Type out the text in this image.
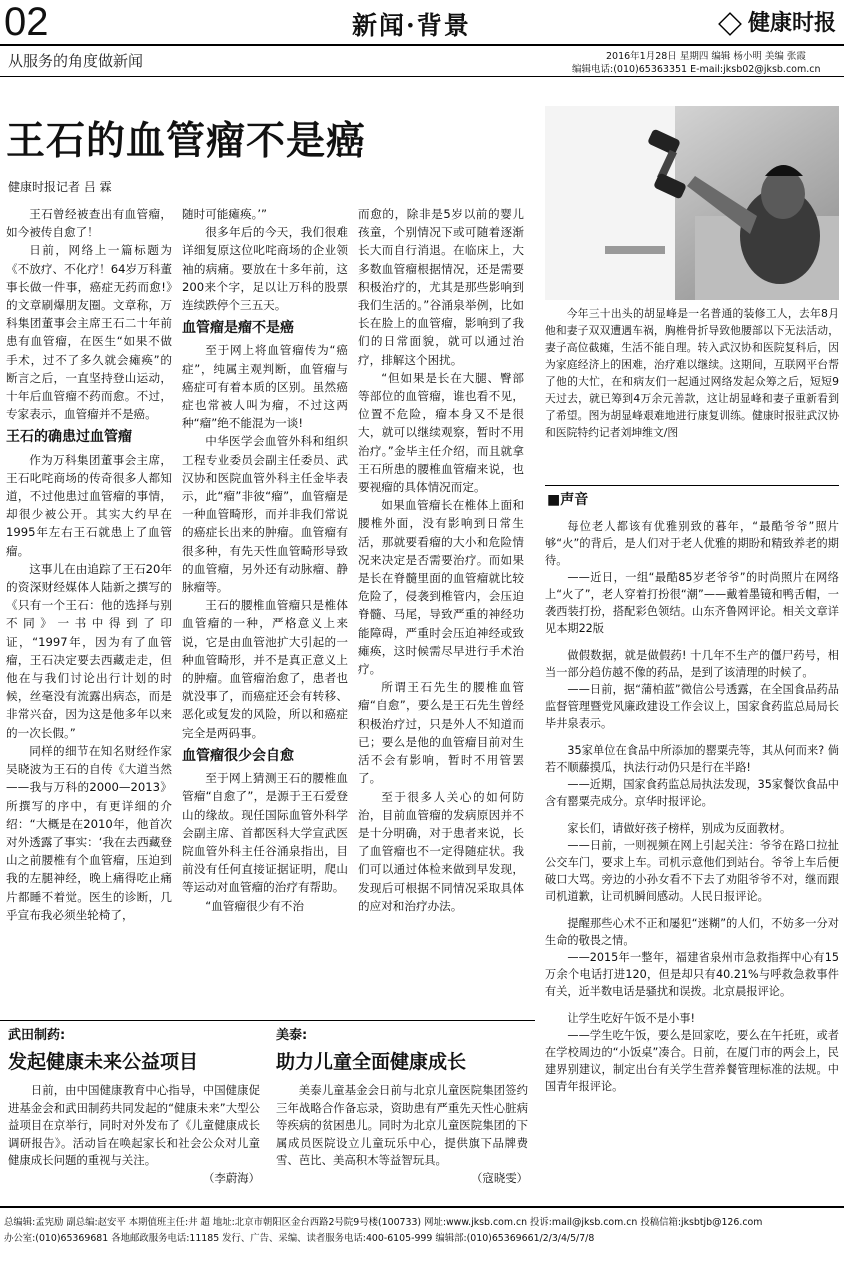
02	新闻·背景	健康时报
从服务的角度做新闻	2016年1月28日 星期四 编辑 杨小明 美编 张霞
编辑电话:(010)65363351 E-mail:jksb02@jksb.com.cn
王石的血管瘤不是癌
健康时报记者 吕 霖

王石曾经被查出有血管瘤，如今被传自愈了！

日前，网络上一篇标题为《不放疗、不化疗！64岁万科董事长做一件事，癌症无药而愈!》的文章刷爆朋友圈。文章称，万科集团董事会主席王石二十年前患有血管瘤，在医生“如果不做手术，过不了多久就会瘫痪”的断言之后，一直坚持登山运动，十年后血管瘤不药而愈。不过，专家表示，血管瘤并不是癌。

王石的确患过血管瘤

作为万科集团董事会主席，王石叱咤商场的传奇很多人都知道，不过他患过血管瘤的事情，却很少被公开。其实大约早在1995年左右王石就患上了血管瘤。

这事儿在由追踪了王石20年的资深财经媒体人陆新之撰写的《只有一个王石：他的选择与别不同》一书中得到了印证，“1997年，因为有了血管瘤，王石决定要去西藏走走，但他在与我们讨论出行计划的时候，丝毫没有流露出病态，而是非常兴奋，因为这是他多年以来的一次长假。”

同样的细节在知名财经作家吴晓波为王石的自传《大道当然——我与万科的2000—2013》所撰写的序中，有更详细的介绍：“大概是在2010年，他首次对外透露了事实：‘我在去西藏登山之前腰椎有个血管瘤，压迫到我的左腿神经，晚上痛得吃止痛片都睡不着觉。医生的诊断，几乎宣布我必须坐轮椅了，

随时可能瘫痪。’”

很多年后的今天，我们很难详细复原这位叱咤商场的企业领袖的病痛。要放在十多年前，这200来个字，足以让万科的股票连续跌停个三五天。

血管瘤是瘤不是癌

至于网上将血管瘤传为“癌症”，纯属主观判断，血管瘤与癌症可有着本质的区别。虽然癌症也常被人叫为瘤，不过这两种“瘤”绝不能混为一谈!

中华医学会血管外科和组织工程专业委员会副主任委员、武汉协和医院血管外科主任金毕表示，此“瘤”非彼“瘤”，血管瘤是一种血管畸形，而并非我们常说的癌症长出来的肿瘤。血管瘤有很多种，有先天性血管畸形导致的血管瘤，另外还有动脉瘤、静脉瘤等。

王石的腰椎血管瘤只是椎体血管瘤的一种，严格意义上来说，它是由血管池扩大引起的一种血管畸形，并不是真正意义上的肿瘤。血管瘤治愈了，患者也就没事了，而癌症还会有转移、恶化或复发的风险，所以和癌症完全是两码事。

血管瘤很少会自愈

至于网上猜测王石的腰椎血管瘤“自愈了”，是源于王石爱登山的缘故。现任国际血管外科学会副主席、首都医科大学宣武医院血管外科主任谷涌泉指出，目前没有任何直接证据证明，爬山等运动对血管瘤的治疗有帮助。

“血管瘤很少有不治

而愈的，除非是5岁以前的婴儿孩童，个别情况下或可随着逐渐长大而自行消退。在临床上，大多数血管瘤根据情况，还是需要积极治疗的，尤其是那些影响到我们生活的。”谷涌泉举例，比如长在脸上的血管瘤，影响到了我们的日常面貌，就可以通过治疗，排解这个困扰。

“但如果是长在大腿、臀部等部位的血管瘤，谁也看不见，位置不危险，瘤本身又不是很大，就可以继续观察，暂时不用治疗。”金毕主任介绍，而且就拿王石所患的腰椎血管瘤来说，也要视瘤的具体情况而定。

如果血管瘤长在椎体上面和腰椎外面，没有影响到日常生活，那就要看瘤的大小和危险情况来决定是否需要治疗。而如果是长在脊髓里面的血管瘤就比较危险了，侵袭到椎管内，会压迫脊髓、马尾，导致严重的神经功能障碍，严重时会压迫神经或致瘫痪，这时候需尽早进行手术治疗。

所谓王石先生的腰椎血管瘤“自愈”，要么是王石先生曾经积极治疗过，只是外人不知道而已；要么是他的血管瘤目前对生活不会有影响，暂时不用管罢了。

至于很多人关心的如何防治，目前血管瘤的发病原因并不是十分明确，对于患者来说，长了血管瘤也不一定得随症状。我们可以通过体检来做到早发现，发现后可根据不同情况采取具体的应对和治疗办法。

今年三十出头的胡显峰是一名普通的装修工人，去年8月他和妻子双双遭遇车祸，胸椎骨折导致他腰部以下无法活动，妻子高位截瘫，生活不能自理。转入武汉协和医院复科后，因为家庭经济上的困难，治疗难以继续。这期间，互联网平台帮了他的大忙，在和病友们一起通过网络发起众筹之后，短短9天过去，就已筹到4万余元善款，这让胡显峰和妻子重新看到了希望。图为胡显峰艰难地进行康复训练。健康时报驻武汉协和医院特约记者刘坤维文/图
■声音

每位老人都该有优雅别致的暮年，“最酷爷爷”照片够“火”的背后，是人们对于老人优雅的期盼和精致养老的期待。

——近日，一组“最酷85岁老爷爷”的时尚照片在网络上“火了”，老人穿着打扮很“潮”——戴着墨镜和鸭舌帽，一袭西装打扮，搭配彩色领结。山东齐鲁网评论。相关文章详见本期22版

做假数据，就是做假药! 十几年不生产的僵尸药号，相当一部分趋仿越不像的药品，是到了该清理的时候了。

——日前，据“蒲柏蓝”微信公号透露，在全国食品药品监督管理暨党风廉政建设工作会议上，国家食药监总局局长毕井泉表示。

35家单位在食品中所添加的罂粟壳等，其从何而来? 倘若不顺藤摸瓜，执法行动仍只是行在半路!

——近期，国家食药监总局执法发现，35家餐饮食品中含有罂粟壳成分。京华时报评论。

家长们，请做好孩子榜样，别成为反面教材。

——日前，一则视频在网上引起关注：爷爷在路口拉扯公交车门，要求上车。司机示意他们到站台。爷爷上车后便破口大骂。旁边的小孙女看不下去了劝阻爷爷不对，继而跟司机道歉，让司机瞬间感动。人民日报评论。

提醒那些心术不正和屡犯“迷糊”的人们，不妨多一分对生命的敬畏之情。

——2015年一整年，福建省泉州市急救指挥中心有15万余个电话打进120，但是却只有40.21%与呼救急救事件有关，近半数电话是骚扰和误拨。北京晨报评论。

让学生吃好午饭不是小事!

——学生吃午饭，要么是回家吃，要么在午托班，或者在学校周边的“小饭桌”凑合。日前，在厦门市的两会上，民建界别建议，制定出台有关学生营养餐管理标准的法规。中国青年报评论。

武田制药:
发起健康未来公益项目

日前，由中国健康教育中心指导，中国健康促进基金会和武田制药共同发起的“健康未来”大型公益项目在京举行，同时对外发布了《儿童健康成长调研报告》。活动旨在唤起家长和社会公众对儿童健康成长问题的重视与关注。

（李蔚海）
美泰:
助力儿童全面健康成长

美泰儿童基金会日前与北京儿童医院集团签约三年战略合作备忘录，资助患有严重先天性心脏病等疾病的贫困患儿。同时为北京儿童医院集团的下属成员医院设立儿童玩乐中心，提供旗下品牌费雪、芭比、美高积木等益智玩具。

（寇晓雯）
总编辑:孟宪励 副总编:赵安平 本期值班主任:井 超 地址:北京市朝阳区金台西路2号院9号楼(100733) 网址:www.jksb.com.cn 投诉:mail@jksb.com.cn 投稿信箱:jksbtjb@126.com
办公室:(010)65369681 各地邮政服务电话:11185 发行、广告、采编、读者服务电话:400-6105-999 编辑部:(010)65369661/2/3/4/5/7/8
